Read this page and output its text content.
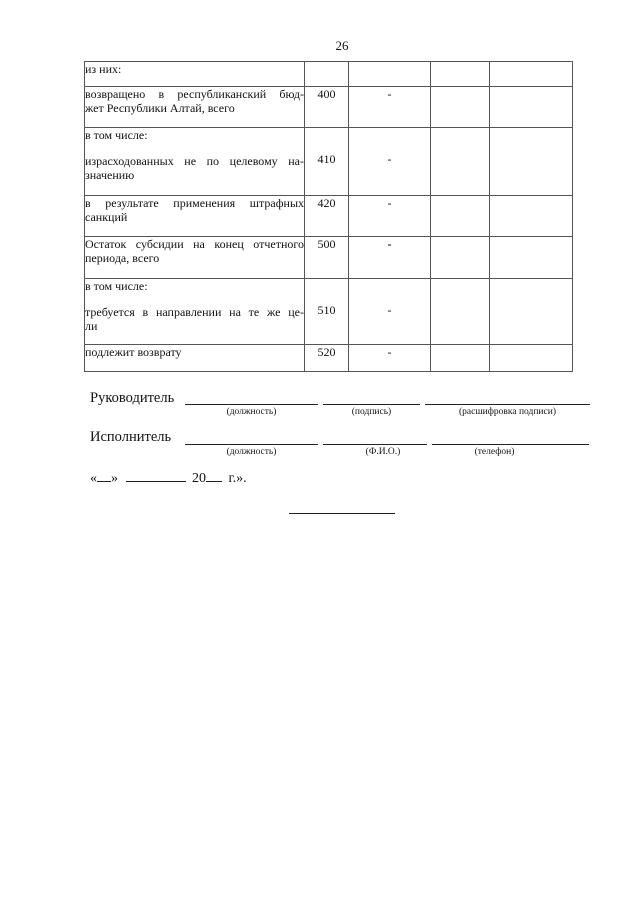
26
из них:				

возвращено в республиканский бюд-
жет Республики Алтай, всего	400	-		

в том числе:
израсходованных не по целевому на-
значению	410	-		

в результате применения штрафных
санкций	420	-		

Остаток субсидии на конец отчетного
периода, всего	500	-		

в том числе:
требуется в направлении на те же це-
ли	510	-		

подлежит возврату	520	-		
Руководитель
(должность)	(подпись)	(расшифровка подписи)
Исполнитель
(должность)	(Ф.И.О.)	(телефон)
« »	20 г.».
